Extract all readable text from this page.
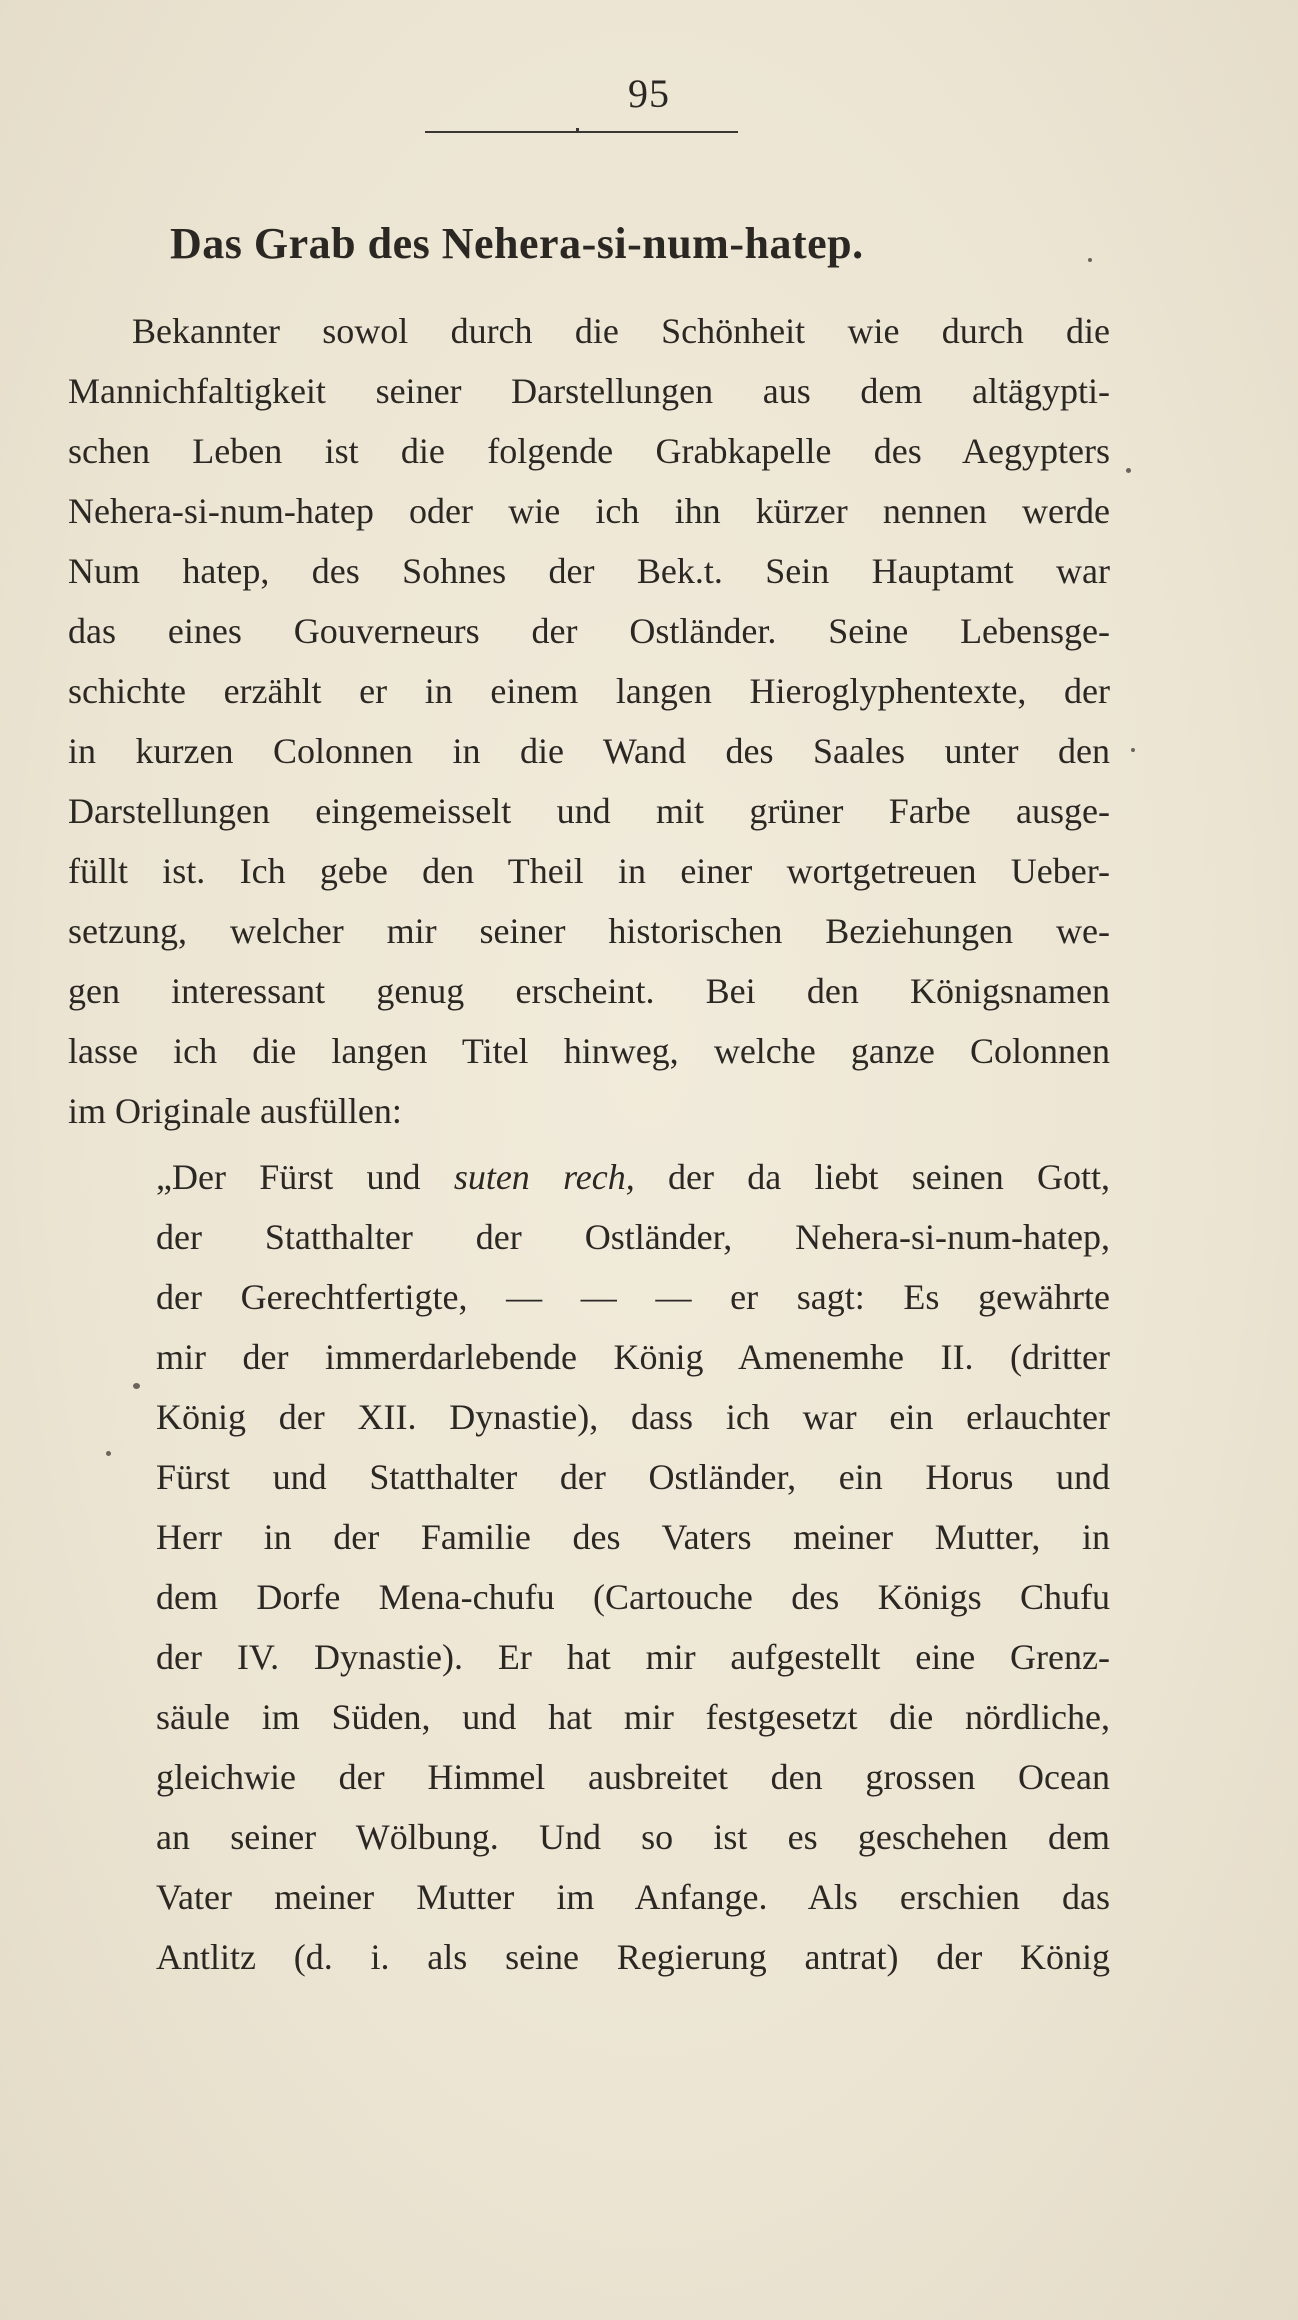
95
Das Grab des Nehera-si-num-hatep.

Bekannter sowol durch die Schönheit wie durch die

Mannichfaltigkeit seiner Darstellungen aus dem altägypti-

schen Leben ist die folgende Grabkapelle des Aegypters

Nehera-si-num-hatep oder wie ich ihn kürzer nennen werde

Num hatep, des Sohnes der Bek.t. Sein Hauptamt war

das eines Gouverneurs der Ostländer. Seine Lebensge-

schichte erzählt er in einem langen Hieroglyphentexte, der

in kurzen Colonnen in die Wand des Saales unter den

Darstellungen eingemeisselt und mit grüner Farbe ausge-

füllt ist. Ich gebe den Theil in einer wortgetreuen Ueber-

setzung, welcher mir seiner historischen Beziehungen we-

gen interessant genug erscheint. Bei den Königsnamen

lasse ich die langen Titel hinweg, welche ganze Colonnen

im Originale ausfüllen:

„Der Fürst und suten rech, der da liebt seinen Gott,

der Statthalter der Ostländer, Nehera-si-num-hatep,

der Gerechtfertigte, — — — er sagt: Es gewährte

mir der immerdarlebende König Amenemhe II. (dritter

König der XII. Dynastie), dass ich war ein erlauchter

Fürst und Statthalter der Ostländer, ein Horus und

Herr in der Familie des Vaters meiner Mutter, in

dem Dorfe Mena-chufu (Cartouche des Königs Chufu

der IV. Dynastie). Er hat mir aufgestellt eine Grenz-

säule im Süden, und hat mir festgesetzt die nördliche,

gleichwie der Himmel ausbreitet den grossen Ocean

an seiner Wölbung. Und so ist es geschehen dem

Vater meiner Mutter im Anfange. Als erschien das

Antlitz (d. i. als seine Regierung antrat) der König
